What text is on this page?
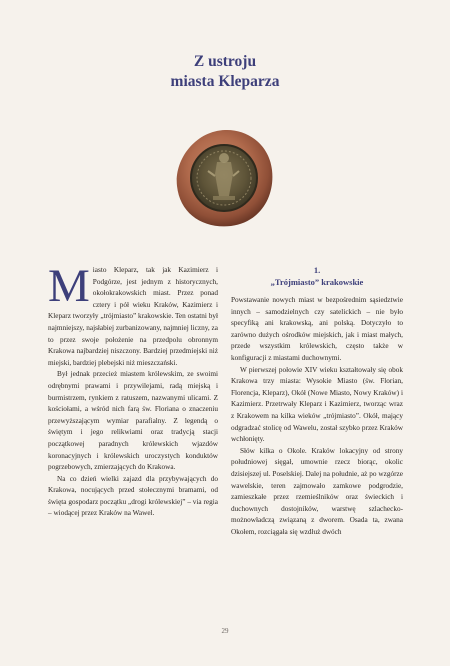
Z ustroju
miasta Kleparza
M iasto Kleparz, tak jak Kazimierz i Podgórze, jest jednym z historycznych, okołokrakowskich miast. Przez ponad cztery i pół wieku Kraków, Kazimierz i Kleparz tworzyły „trójmiasto” krakowskie. Ten ostatni był najmniejszy, najsłabiej zurbanizowany, najmniej liczny, za to przez swoje położenie na przedpolu obronnym Krakowa najbardziej niszczony. Bardziej przedmiejski niż miejski, bardziej plebejski niż mieszczański.

Był jednak przecież miastem królewskim, ze swoimi odrębnymi prawami i przywilejami, radą miejską i burmistrzem, rynkiem z ratuszem, nazwanymi ulicami. Z kościołami, a wśród nich farą św. Floriana o znaczeniu przewyższającym wymiar parafialny. Z legendą o świętym i jego relikwiami oraz tradycją stacji początkowej paradnych królewskich wjazdów koronacyjnych i królewskich uroczystych konduktów pogrzebowych, zmierzających do Krakowa.

Na co dzień wielki zajazd dla przybywających do Krakowa, nocujących przed stołecznymi bramami, od święta gospodarz początku „drogi królewskiej” – via regia – wiodącej przez Kraków na Wawel.

1.
„Trójmiasto” krakowskie

Powstawanie nowych miast w bezpośrednim sąsiedztwie innych – samodzielnych czy satelickich – nie było specyfiką ani krakowską, ani polską. Dotyczyło to zarówno dużych ośrodków miejskich, jak i miast małych, przede wszystkim królewskich, często także w konfiguracji z miastami duchownymi.

W pierwszej połowie XIV wieku kształtowały się obok Krakowa trzy miasta: Wysokie Miasto (św. Florian, Florencja, Kleparz), Okół (Nowe Miasto, Nowy Kraków) i Kazimierz. Przetrwały Kleparz i Kazimierz, tworząc wraz z Krakowem na kilka wieków „trójmiasto”. Okół, mający odgradzać stolicę od Wawelu, został szybko przez Kraków wchłonięty.

Słów kilka o Okole. Kraków lokacyjny od strony południowej sięgał, umownie rzecz biorąc, okolic dzisiejszej ul. Poselskiej. Dalej na południe, aż po wzgórze wawelskie, teren zajmowało zamkowe podgrodzie, zamieszkałe przez rzemieślników oraz świeckich i duchownych dostojników, warstwę szlachecko-możnowładczą związaną z dworem. Osada ta, zwana Okołem, rozciągała się wzdłuż dwóch

29
